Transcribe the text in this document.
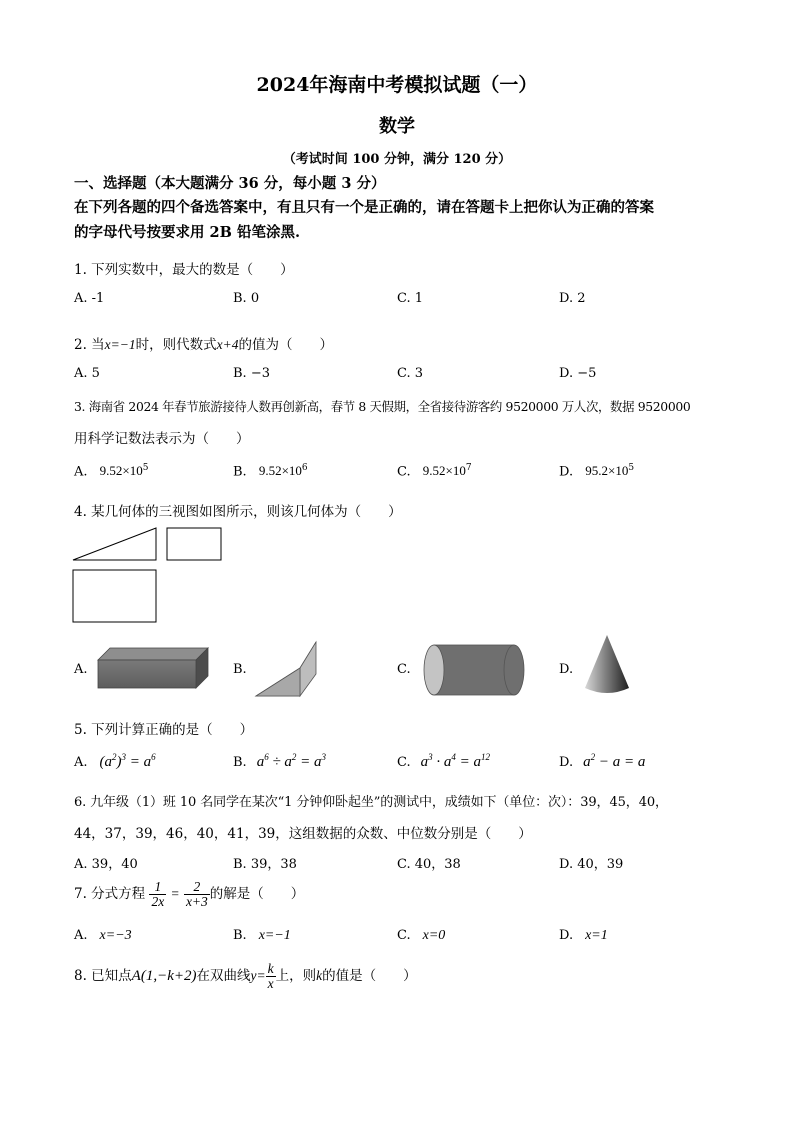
2024年海南中考模拟试题（一）
数学
（考试时间 100 分钟，满分 120 分）
一、选择题（本大题满分 36 分，每小题 3 分）
在下列各题的四个备选答案中，有且只有一个是正确的，请在答题卡上把你认为正确的答案
的字母代号按要求用 2B 铅笔涂黑.
1. 下列实数中，最大的数是（　　）
A. -1	B. 0	C. 1	D. 2
2. 当x=−1时，则代数式x+4的值为（　　）
A. 5	B. −3	C. 3	D. −5
3. 海南省 2024 年春节旅游接待人数再创新高，春节 8 天假期，全省接待游客约 9520000 万人次，数据 9520000
用科学记数法表示为（　　）
A. $9.52\times 10^5$	B. $9.52\times 10^6$	C. $9.52\times 10^7$	D. $95.2\times 10^5$
4. 某几何体的三视图如图所示，则该几何体为（　　）
A.	B.	C.	D.
5. 下列计算正确的是（　　）
A. $(a^2)^3 = a^6$	B. $a^6 \div a^2 = a^3$	C. $a^3 \cdot a^4 = a^{12}$	D. $a^2 - a = a$
6. 九年级（1）班 10 名同学在某次“1 分钟仰卧起坐”的测试中，成绩如下（单位：次）：39，45，40，
44，37，39，46，40，41，39，这组数据的众数、中位数分别是（　　）
A. 39，40	B. 39，38	C. 40，38	D. 40，39
7. 分式方程 $\frac{1}{2x} = \frac{2}{x+3}$ 的解是（　　）
A. x=−3	B. x=−1	C. x=0	D. x=1
8. 已知点A(1,−k+2)在双曲线$y= \frac{k}{x}$ 上，则k的值是（　　）
